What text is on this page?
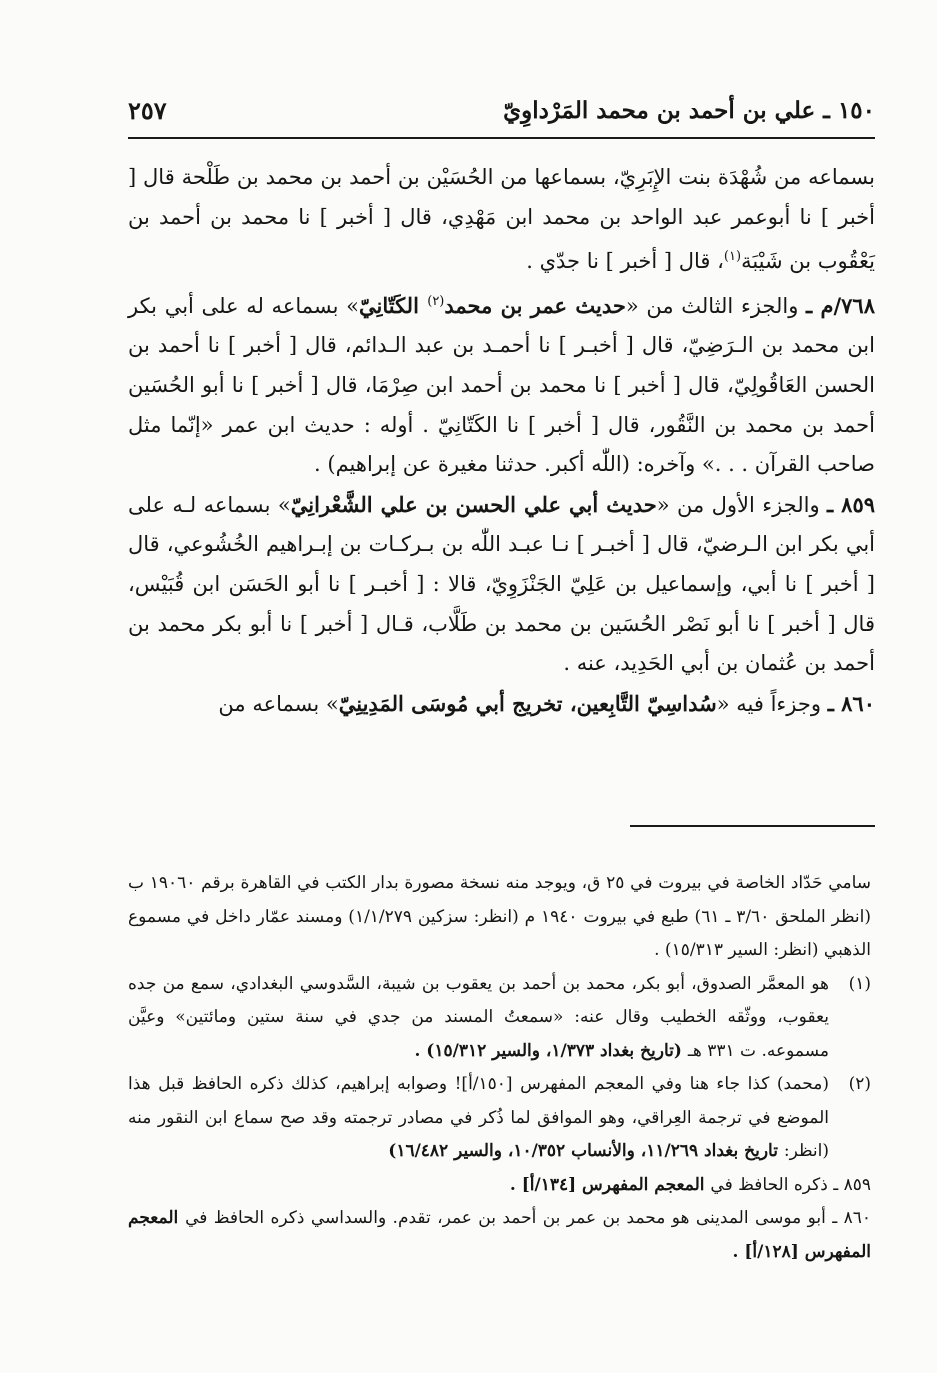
١٥٠ ـ علي بن أحمد بن محمد المَرْداوِيّ
٢٥٧

بسماعه من شُهْدَة بنت الإِبَرِيّ، بسماعها من الحُسَيْن بن أحمد بن محمد بن طَلْحة قال [ أخبر ] نا أبوعمر عبد الواحد بن محمد ابن مَهْدِي، قال [ أخبر ] نا محمد بن أحمد بن يَعْقُوب بن شَيْبَة$^{(١)}$، قال [ أخبر ] نا جدّي .

٧٦٨/م ـ والجزء الثالث من «حديث عمر بن محمد$^{(٢)}$ الكَتّانِيّ» بسماعه له على أبي بكر ابن محمد بن الـرَضِيّ، قال [ أخبـر ] نا أحمـد بن عبد الـدائم، قال [ أخبر ] نا أحمد بن الحسن العَاقُولِيّ، قال [ أخبر ] نا محمد بن أحمد ابن صِرْمَا، قال [ أخبر ] نا أبو الحُسَين أحمد بن محمد بن النَّقُور، قال [ أخبر ] نا الكَتّانِيّ . أوله : حديث ابن عمر «إنّما مثل صاحب القرآن . . .» وآخره: (اللّٰه أكبر. حدثنا مغيرة عن إبراهيم) .

٨٥٩ ـ والجزء الأول من «حديث أبي علي الحسن بن علي الشَّعْرانِيّ» بسماعه لـه على أبي بكر ابن الـرضيّ، قال [ أخبـر ] نـا عبـد اللّٰه بن بـركـات بن إبـراهيم الخُشُوعي، قال [ أخبر ] نا أبي، وإسماعيل بن عَلِيّ الجَنْزَوِيّ، قالا : [ أخبـر ] نا أبو الحَسَن ابن قُبَيْس، قال [ أخبر ] نا أبو نَصْر الحُسَين بن محمد بن طَلَّاب، قـال [ أخبر ] نا أبو بكر محمد بن أحمد بن عُثمان بن أبي الحَدِيد، عنه .

٨٦٠ ـ وجزءاً فيه «سُداسِيّ التَّابِعين، تخريج أبي مُوسَى المَدِينِيّ» بسماعه من

سامي حَدّاد الخاصة في بيروت في ٢٥ ق، ويوجد منه نسخة مصورة بدار الكتب في القاهرة برقم ١٩٠٦٠ ب (انظر الملحق ٣/٦٠ ـ ٦١) طبع في بيروت ١٩٤٠ م (انظر: سزكين ١/١/٢٧٩) ومسند عمّار داخل في مسموع الذهبي (انظر: السير ١٥/٣١٣) .

(١)

هو المعمَّر الصدوق، أبو بكر، محمد بن أحمد بن يعقوب بن شيبة، السَّدوسي البغدادي، سمع من جده يعقوب، ووثّقه الخطيب وقال عنه: «سمعتُ المسند من جدي في سنة ستين ومائتين» وعيَّن مسموعه. ت ٣٣١ هـ (تاريخ بغداد ١/٣٧٣، والسير ١٥/٣١٢) .

(٢)

(محمد) كذا جاء هنا وفي المعجم المفهرس [١٥٠/أ]! وصوابه إبراهيم، كذلك ذكره الحافظ قبل هذا الموضع في ترجمة العِراقي، وهو الموافق لما ذُكر في مصادر ترجمته وقد صح سماع ابن النقور منه (انظر: تاريخ بغداد ١١/٢٦٩، والأنساب ١٠/٣٥٢، والسير ١٦/٤٨٢)

٨٥٩ ـ ذكره الحافظ في المعجم المفهرس [١٣٤/أ] .

٨٦٠ ـ أبو موسى المدينى هو محمد بن عمر بن أحمد بن عمر، تقدم. والسداسي ذكره الحافظ في المعجم المفهرس [١٢٨/أ] .
